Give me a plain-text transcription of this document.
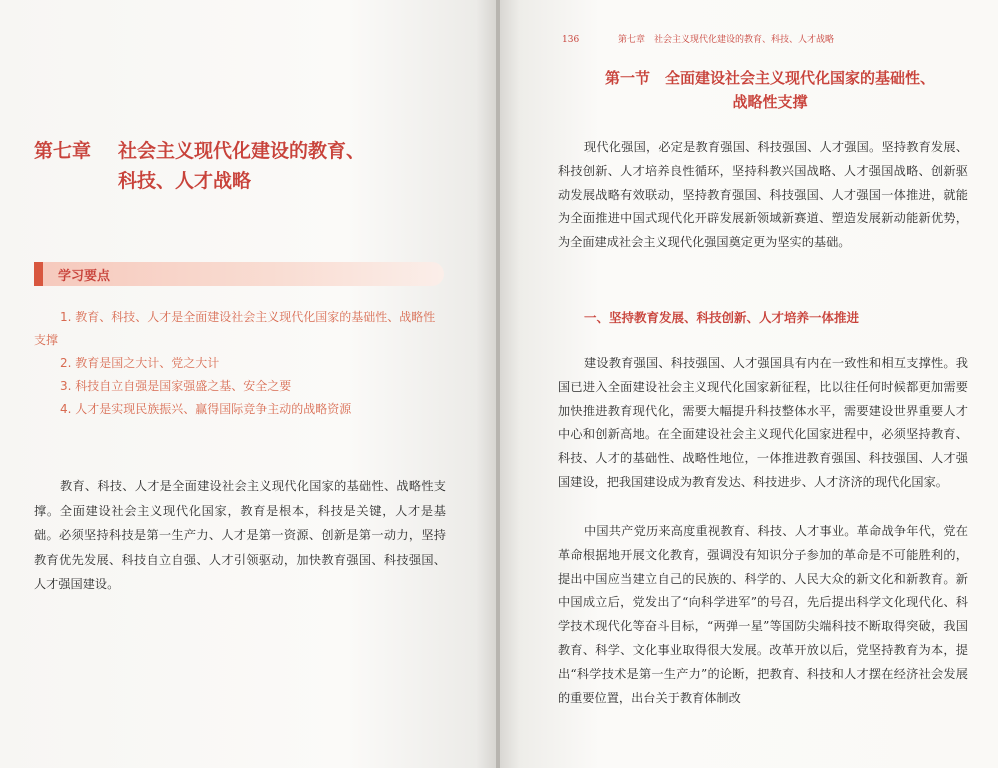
第七章 社会主义现代化建设的教育、
科技、人才战略
学习要点
1. 教育、科技、人才是全面建设社会主义现代化国家的基础性、战略性支撑
2. 教育是国之大计、党之大计
3. 科技自立自强是国家强盛之基、安全之要
4. 人才是实现民族振兴、赢得国际竞争主动的战略资源

教育、科技、人才是全面建设社会主义现代化国家的基础性、战略性支撑。全面建设社会主义现代化国家，教育是根本，科技是关键，人才是基础。必须坚持科技是第一生产力、人才是第一资源、创新是第一动力，坚持教育优先发展、科技自立自强、人才引领驱动，加快教育强国、科技强国、人才强国建设。

136	第七章　社会主义现代化建设的教育、科技、人才战略
第一节　全面建设社会主义现代化国家的基础性、
战略性支撑

现代化强国，必定是教育强国、科技强国、人才强国。坚持教育发展、科技创新、人才培养良性循环，坚持科教兴国战略、人才强国战略、创新驱动发展战略有效联动，坚持教育强国、科技强国、人才强国一体推进，就能为全面推进中国式现代化开辟发展新领域新赛道、塑造发展新动能新优势，为全面建成社会主义现代化强国奠定更为坚实的基础。

一、坚持教育发展、科技创新、人才培养一体推进

建设教育强国、科技强国、人才强国具有内在一致性和相互支撑性。我国已进入全面建设社会主义现代化国家新征程，比以往任何时候都更加需要加快推进教育现代化，需要大幅提升科技整体水平，需要建设世界重要人才中心和创新高地。在全面建设社会主义现代化国家进程中，必须坚持教育、科技、人才的基础性、战略性地位，一体推进教育强国、科技强国、人才强国建设，把我国建设成为教育发达、科技进步、人才济济的现代化国家。

中国共产党历来高度重视教育、科技、人才事业。革命战争年代，党在革命根据地开展文化教育，强调没有知识分子参加的革命是不可能胜利的，提出中国应当建立自己的民族的、科学的、人民大众的新文化和新教育。新中国成立后，党发出了“向科学进军”的号召，先后提出科学文化现代化、科学技术现代化等奋斗目标，“两弹一星”等国防尖端科技不断取得突破，我国教育、科学、文化事业取得很大发展。改革开放以后，党坚持教育为本，提出“科学技术是第一生产力”的论断，把教育、科技和人才摆在经济社会发展的重要位置，出台关于教育体制改
